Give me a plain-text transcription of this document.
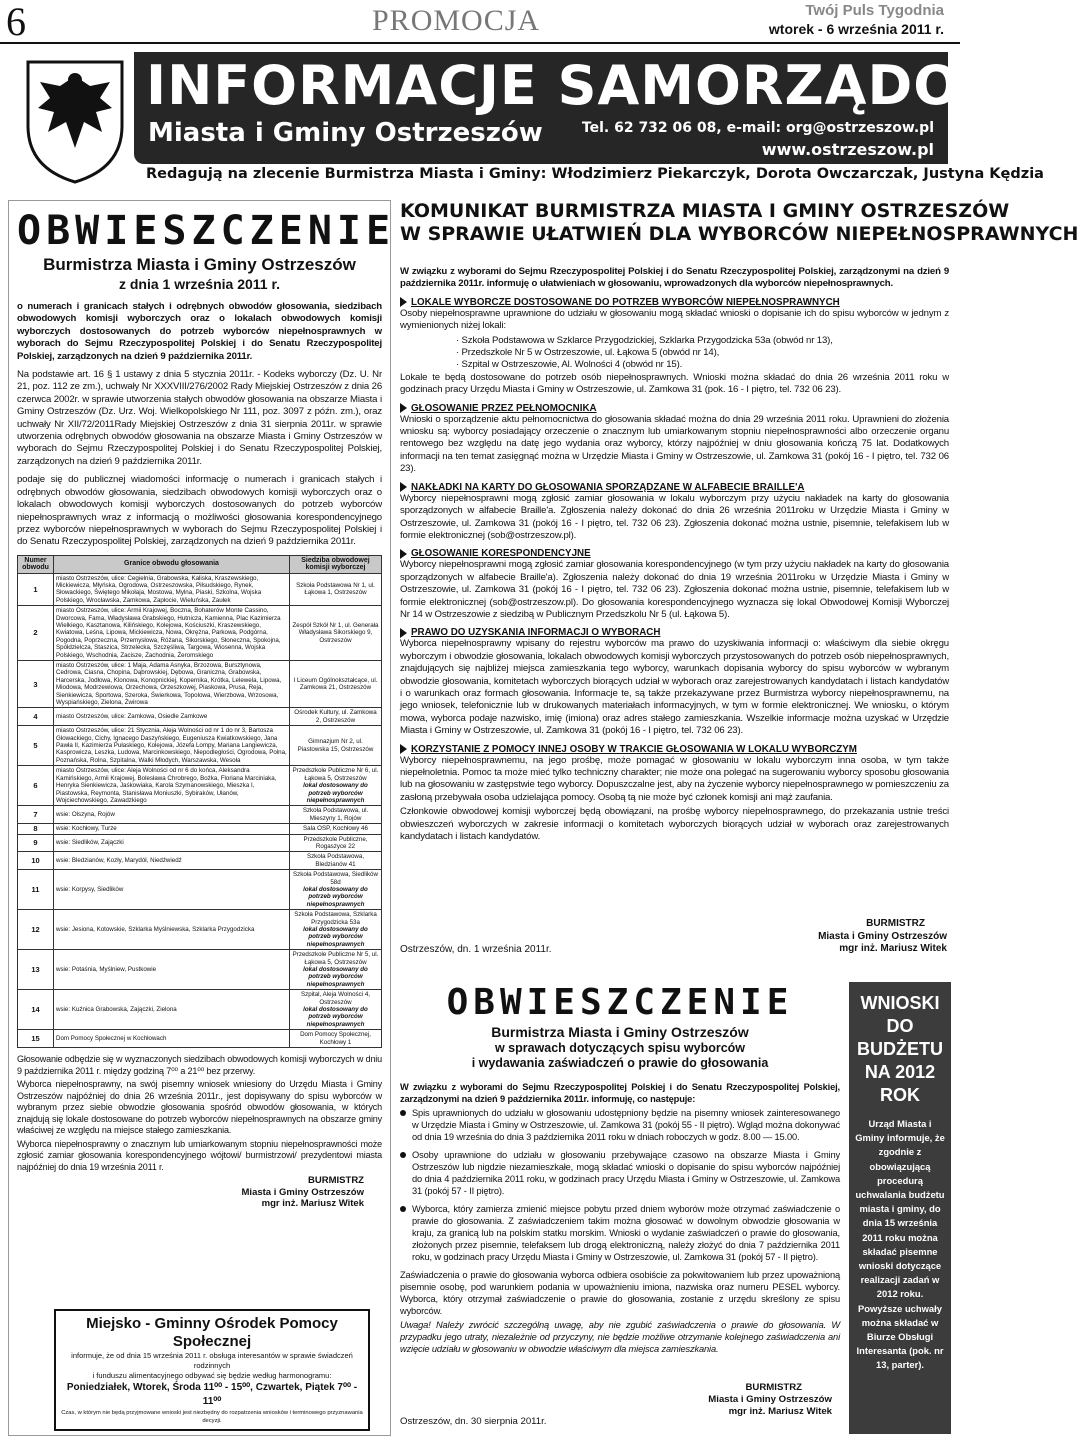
6	PROMOCJA	Twój Puls Tygodnia
wtorek - 6 września 2011 r.
INFORMACJE SAMORZĄDOWE
Miasta i Gminy Ostrzeszów	Tel. 62 732 06 08, e-mail: org@ostrzeszow.pl
www.ostrzeszow.pl
Redagują na zlecenie Burmistrza Miasta i Gminy: Włodzimierz Piekarczyk, Dorota Owczarczak, Justyna Kędzia
OBWIESZCZENIE
Burmistrza Miasta i Gminy Ostrzeszów
z dnia 1 września 2011 r.

o numerach i granicach stałych i odrębnych obwodów głosowania, siedzibach obwodowych komisji wyborczych oraz o lokalach obwodowych komisji wyborczych dostosowanych do potrzeb wyborców niepełnosprawnych w wyborach do Sejmu Rzeczypospolitej Polskiej i do Senatu Rzeczypospolitej Polskiej, zarządzonych na dzień 9 października 2011r.

Na podstawie art. 16 § 1 ustawy z dnia 5 stycznia 2011r. - Kodeks wyborczy (Dz. U. Nr 21, poz. 112 ze zm.), uchwały Nr XXXVIII/276/2002 Rady Miejskiej Ostrzeszów z dnia 26 czerwca 2002r. w sprawie utworzenia stałych obwodów głosowania na obszarze Miasta i Gminy Ostrzeszów (Dz. Urz. Woj. Wielkopolskiego Nr 111, poz. 3097 z późn. zm.), oraz uchwały Nr XII/72/2011Rady Miejskiej Ostrzeszów z dnia 31 sierpnia 2011r. w sprawie utworzenia odrębnych obwodów głosowania na obszarze Miasta i Gminy Ostrzeszów w wyborach do Sejmu Rzeczypospolitej Polskiej i do Senatu Rzeczypospolitej Polskiej, zarządzonych na dzień 9 października 2011r.

podaje się do publicznej wiadomości informację o numerach i granicach stałych i odrębnych obwodów głosowania, siedzibach obwodowych komisji wyborczych oraz o lokalach obwodowych komisji wyborczych dostosowanych do potrzeb wyborców niepełnosprawnych wraz z informacją o możliwości głosowania korespondencyjnego przez wyborców niepełnosprawnych w wyborach do Sejmu Rzeczypospolitej Polskiej i do Senatu Rzeczypospolitej Polskiej, zarządzonych na dzień 9 października 2011r.

Numer obwodu	Granice obwodu głosowania	Siedziba obwodowej komisji wyborczej
1	miasto Ostrzeszów, ulice: Cegielnia, Grabowska, Kaliska, Kraszewskiego, Mickiewicza, Młyńska, Ogrodowa, Ostrzeszowska, Piłsudskiego, Rynek, Słowackiego, Świętego Mikołaja, Mostowa, Mylna, Piaski, Szkolna, Wojska Polskiego, Wrocławska, Zamkowa, Zapłocie, Wieluńska, Zaułek	Szkoła Podstawowa Nr 1, ul. Łąkowa 1, Ostrzeszów

2	miasto Ostrzeszów, ulice: Armii Krajowej, Boczna, Bohaterów Monte Cassino, Dworcowa, Fama, Władysława Grabskiego, Hutnicza, Kamienna, Plac Kazimierza Wielkiego, Kasztanowa, Kilińskiego, Kolejowa, Kościuszki, Kraszewskiego, Kwiatowa, Leśna, Lipowa, Mickiewicza, Nowa, Okrężna, Parkowa, Podgórna, Pogodna, Poprzeczna, Przemysłowa, Różana, Sikorskiego, Słoneczna, Spokojna, Spółdzielcza, Staszica, Strzelecka, Szczęśliwa, Targowa, Wiosenna, Wojska Polskiego, Wschodnia, Zacisze, Zachodnia, Żeromskiego	Zespół Szkół Nr 1, ul. Generała Władysława Sikorskiego 9, Ostrzeszów

3	miasto Ostrzeszów, ulice: 1 Maja, Adama Asnyka, Brzozowa, Bursztynowa, Cedrowa, Ciasna, Chopina, Dąbrowskiej, Dębowa, Graniczna, Grabowska, Harcerska, Jodłowa, Klonowa, Konopnickiej, Kopernika, Krótka, Lelewela, Lipowa, Miodowa, Modrzewiowa, Orzechowa, Orzeszkowej, Piaskowa, Prusa, Reja, Sienkiewicza, Sportowa, Szeroka, Świerkowa, Topolowa, Wierzbowa, Wrzosowa, Wyspiańskiego, Zielona, Żwirowa	I Liceum Ogólnokształcące, ul. Zamkowa 21, Ostrzeszów

4	miasto Ostrzeszów, ulice: Zamkowa, Osiedle Zamkowe	Ośrodek Kultury, ul. Zamkowa 2, Ostrzeszów

5	miasto Ostrzeszów, ulice: 21 Stycznia, Aleja Wolności od nr 1 do nr 3, Bartosza Głowackiego, Cichy, Ignacego Daszyńskiego, Eugeniusza Kwiatkowskiego, Jana Pawła II, Kazimierza Pułaskiego, Kolejowa, Józefa Lompy, Mariana Langiewicza, Kasprowicza, Leszka, Ludowa, Marcinkowskiego, Niepodległości, Ogrodowa, Polna, Poznańska, Rolna, Szpitalna, Walki Młodych, Warszawska, Wesoła	Gimnazjum Nr 2, ul. Piastowska 15, Ostrzeszów

6	miasto Ostrzeszów, ulice: Aleja Wolności od nr 6 do końca, Aleksandra Kamińskiego, Armii Krajowej, Bolesława Chrobrego, Bożka, Floriana Marciniaka, Henryka Sienkiewicza, Jaśkowiaka, Karola Szymanowskiego, Mieszka I, Piastowska, Reymonta, Stanisława Moniuszki, Sybiraków, Ułanów, Wojciechowskiego, Zawadzkiego	Przedszkole Publiczne Nr 6, ul. Łąkowa 5, Ostrzeszów
lokal dostosowany do potrzeb wyborców niepełnosprawnych

7	wsie: Olszyna, Rojów	Szkoła Podstawowa, ul. Mieszyny 1, Rojów

8	wsie: Kochłowy, Turze	Sala OSP, Kochłowy 46

9	wsie: Siedlików, Zajączki	Przedszkole Publiczne, Rogaszyce 22

10	wsie: Bledzianów, Kozły, Marydół, Niedźwiedź	Szkoła Podstawowa, Bledzianów 41

11	wsie: Korpysy, Siedlików	Szkoła Podstawowa, Siedlików 58d
lokal dostosowany do potrzeb wyborców niepełnosprawnych

12	wsie: Jesiona, Kotowskie, Szklarka Myślniewska, Szklarka Przygodzicka	Szkoła Podstawowa, Szklarka Przygodzicka 53a
lokal dostosowany do potrzeb wyborców niepełnosprawnych

13	wsie: Potaśnia, Myślniew, Pustkowie	Przedszkole Publiczne Nr 5, ul. Łąkowa 5, Ostrzeszów
lokal dostosowany do potrzeb wyborców niepełnosprawnych

14	wsie: Kuźnica Grabowska, Zajączki, Zielona	Szpital, Aleja Wolności 4, Ostrzeszów
lokal dostosowany do potrzeb wyborców niepełnosprawnych

15	Dom Pomocy Społecznej w Kochłowach	Dom Pomocy Społecznej, Kochłowy 1

Głosowanie odbędzie się w wyznaczonych siedzibach obwodowych komisji wyborczych w dniu 9 października 2011 r. między godziną 7⁰⁰ a 21⁰⁰ bez przerwy.

Wyborca niepełnosprawny, na swój pisemny wniosek wniesiony do Urzędu Miasta i Gminy Ostrzeszów najpóźniej do dnia 26 września 2011r., jest dopisywany do spisu wyborców w wybranym przez siebie obwodzie głosowania spośród obwodów głosowania, w których znajdują się lokale dostosowane do potrzeb wyborców niepełnosprawnych na obszarze gminy właściwej ze względu na miejsce stałego zamieszkania.

Wyborca niepełnosprawny o znacznym lub umiarkowanym stopniu niepełnosprawności może zgłosić zamiar głosowania korespondencyjnego wójtowi/ burmistrzowi/ prezydentowi miasta najpóźniej do dnia 19 września 2011 r.

BURMISTRZ
Miasta i Gminy Ostrzeszów
mgr inż. Mariusz Witek
Miejsko - Gminny Ośrodek Pomocy Społecznej
informuje, że od dnia 15 września 2011 r. obsługa interesantów w sprawie świadczeń rodzinnych
i funduszu alimentacyjnego odbywać się będzie według harmonogramu:
Poniedziałek, Wtorek, Środa 11⁰⁰ - 15⁰⁰, Czwartek, Piątek 7⁰⁰ - 11⁰⁰
Czas, w którym nie będą przyjmowane wnioski jest niezbędny do rozpatrzenia wniosków i terminowego przyznawania decyzji.
KOMUNIKAT BURMISTRZA MIASTA I GMINY OSTRZESZÓW
W SPRAWIE UŁATWIEŃ DLA WYBORCÓW NIEPEŁNOSPRAWNYCH

W związku z wyborami do Sejmu Rzeczypospolitej Polskiej i do Senatu Rzeczypospolitej Polskiej, zarządzonymi na dzień 9 października 2011r. informuję o ułatwieniach w głosowaniu, wprowadzonych dla wyborców niepełnosprawnych.

LOKALE WYBORCZE DOSTOSOWANE DO POTRZEB WYBORCÓW NIEPEŁNOSPRAWNYCH

Osoby niepełnosprawne uprawnione do udziału w głosowaniu mogą składać wnioski o dopisanie ich do spisu wyborców w jednym z wymienionych niżej lokali:

· Szkoła Podstawowa w Szklarce Przygodzickiej, Szklarka Przygodzicka 53a (obwód nr 13),
· Przedszkole Nr 5 w Ostrzeszowie, ul. Łąkowa 5 (obwód nr 14),
· Szpital w Ostrzeszowie, Al. Wolności 4 (obwód nr 15).

Lokale te będą dostosowane do potrzeb osób niepełnosprawnych. Wnioski można składać do dnia 26 września 2011 roku w godzinach pracy Urzędu Miasta i Gminy w Ostrzeszowie, ul. Zamkowa 31 (pok. 16 - I piętro, tel. 732 06 23).

GŁOSOWANIE PRZEZ PEŁNOMOCNIKA

Wnioski o sporządzenie aktu pełnomocnictwa do głosowania składać można do dnia 29 września 2011 roku. Uprawnieni do złożenia wniosku są: wyborcy posiadający orzeczenie o znacznym lub umiarkowanym stopniu niepełnosprawności albo orzeczenie organu rentowego bez względu na datę jego wydania oraz wyborcy, którzy najpóźniej w dniu głosowania kończą 75 lat. Dodatkowych informacji na ten temat zasięgnąć można w Urzędzie Miasta i Gminy w Ostrzeszowie, ul. Zamkowa 31 (pokój 16 - I piętro, tel. 732 06 23).

NAKŁADKI NA KARTY DO GŁOSOWANIA SPORZĄDZANE W ALFABECIE BRAILLE'A

Wyborcy niepełnosprawni mogą zgłosić zamiar głosowania w lokalu wyborczym przy użyciu nakładek na karty do głosowania sporządzonych w alfabecie Braille'a. Zgłoszenia należy dokonać do dnia 26 września 2011roku w Urzędzie Miasta i Gminy w Ostrzeszowie, ul. Zamkowa 31 (pokój 16 - I piętro, tel. 732 06 23). Zgłoszenia dokonać można ustnie, pisemnie, telefakisem lub w formie elektronicznej (sob@ostrzeszow.pl).

GŁOSOWANIE KORESPONDENCYJNE

Wyborcy niepełnosprawni mogą zgłosić zamiar głosowania korespondencyjnego (w tym przy użyciu nakładek na karty do głosowania sporządzonych w alfabecie Braille'a). Zgłoszenia należy dokonać do dnia 19 września 2011roku w Urzędzie Miasta i Gminy w Ostrzeszowie, ul. Zamkowa 31 (pokój 16 - I piętro, tel. 732 06 23). Zgłoszenia dokonać można ustnie, pisemnie, telefakisem lub w formie elektronicznej (sob@ostrzeszow.pl). Do głosowania korespondencyjnego wyznacza się lokal Obwodowej Komisji Wyborczej Nr 14 w Ostrzeszowie z siedzibą w Publicznym Przedszkolu Nr 5 (ul. Łąkowa 5).

PRAWO DO UZYSKANIA INFORMACJI O WYBORACH

Wyborca niepełnosprawny wpisany do rejestru wyborców ma prawo do uzyskiwania informacji o: właściwym dla siebie okręgu wyborczym i obwodzie głosowania, lokalach obwodowych komisji wyborczych przystosowanych do potrzeb osób niepełnosprawnych, znajdujących się najbliżej miejsca zamieszkania tego wyborcy, warunkach dopisania wyborcy do spisu wyborców w wybranym obwodzie głosowania, komitetach wyborczych biorących udział w wyborach oraz zarejestrowanych kandydatach i listach kandydatów i o warunkach oraz formach głosowania. Informacje te, są także przekazywane przez Burmistrza wyborcy niepełnosprawnemu, na jego wniosek, telefonicznie lub w drukowanych materiałach informacyjnych, w tym w formie elektronicznej. We wniosku, o którym mowa, wyborca podaje nazwisko, imię (imiona) oraz adres stałego zamieszkania. Wszelkie informacje można uzyskać w Urzędzie Miasta i Gminy w Ostrzeszowie, ul. Zamkowa 31 (pokój 16 - I piętro, tel. 732 06 23).

KORZYSTANIE Z POMOCY INNEJ OSOBY W TRAKCIE GŁOSOWANIA W LOKALU WYBORCZYM

Wyborcy niepełnosprawnemu, na jego prośbę, może pomagać w głosowaniu w lokalu wyborczym inna osoba, w tym także niepełnoletnia. Pomoc ta może mieć tylko techniczny charakter; nie może ona polegać na sugerowaniu wyborcy sposobu głosowania lub na głosowaniu w zastępstwie tego wyborcy. Dopuszczalne jest, aby na życzenie wyborcy niepełnosprawnego w pomieszczeniu za zasłoną przebywała osoba udzielająca pomocy. Osobą tą nie może być członek komisji ani mąż zaufania.

Członkowie obwodowej komisji wyborczej będą obowiązani, na prośbę wyborcy niepełnosprawnego, do przekazania ustnie treści obwieszczeń wyborczych w zakresie informacji o komitetach wyborczych biorących udział w wyborach oraz zarejestrowanych kandydatach i listach kandydatów.

BURMISTRZ
Miasta i Gminy Ostrzeszów
mgr inż. Mariusz Witek
Ostrzeszów, dn. 1 września 2011r.
OBWIESZCZENIE
Burmistrza Miasta i Gminy Ostrzeszów
w sprawach dotyczących spisu wyborców
i wydawania zaświadczeń o prawie do głosowania

W związku z wyborami do Sejmu Rzeczypospolitej Polskiej i do Senatu Rzeczypospolitej Polskiej, zarządzonymi na dzień 9 października 2011r. informuję, co następuje:

Spis uprawnionych do udziału w głosowaniu udostępniony będzie na pisemny wniosek zainteresowanego w Urzędzie Miasta i Gminy w Ostrzeszowie, ul. Zamkowa 31 (pokój 55 - II piętro). Wgląd można dokonywać od dnia 19 września do dnia 3 października 2011 roku w dniach roboczych w godz. 8.00 — 15.00.

Osoby uprawnione do udziału w głosowaniu przebywające czasowo na obszarze Miasta i Gminy Ostrzeszów lub nigdzie niezamieszkałe, mogą składać wnioski o dopisanie do spisu wyborców najpóźniej do dnia 4 października 2011 roku, w godzinach pracy Urzędu Miasta i Gminy w Ostrzeszowie, ul. Zamkowa 31 (pokój 57 - II piętro).

Wyborca, który zamierza zmienić miejsce pobytu przed dniem wyborów może otrzymać zaświadczenie o prawie do głosowania. Z zaświadczeniem takim można głosować w dowolnym obwodzie głosowania w kraju, za granicą lub na polskim statku morskim. Wnioski o wydanie zaświadczeń o prawie do głosowania, złożonych przez pisemnie, telefaksem lub drogą elektroniczną, należy złożyć do dnia 7 października 2011 roku, w godzinach pracy Urzędu Miasta i Gminy w Ostrzeszowie, ul. Zamkowa 31 (pokój 57 - II piętro).

Zaświadczenia o prawie do głosowania wyborca odbiera osobiście za pokwitowaniem lub przez upoważnioną pisemnie osobę, pod warunkiem podania w upoważnieniu imiona, nazwiska oraz numeru PESEL wyborcy. Wyborca, który otrzymał zaświadczenie o prawie do głosowania, zostanie z urzędu skreślony ze spisu wyborców.

Uwaga! Należy zwrócić szczególną uwagę, aby nie zgubić zaświadczenia o prawie do głosowania. W przypadku jego utraty, niezależnie od przyczyny, nie będzie możliwe otrzymanie kolejnego zaświadczenia ani wzięcie udziału w głosowaniu w obwodzie właściwym dla miejsca zamieszkania.

BURMISTRZ
Miasta i Gminy Ostrzeszów
mgr inż. Mariusz Witek
Ostrzeszów, dn. 30 sierpnia 2011r.
WNIOSKI
DO
BUDŻETU
NA 2012
ROK
Urząd Miasta i Gminy informuje, że zgodnie z obowiązującą procedurą uchwalania budżetu miasta i gminy, do dnia 15 września 2011 roku można składać pisemne wnioski dotyczące realizacji zadań w 2012 roku. Powyższe uchwały można składać w Biurze Obsługi Interesanta (pok. nr 13, parter).
